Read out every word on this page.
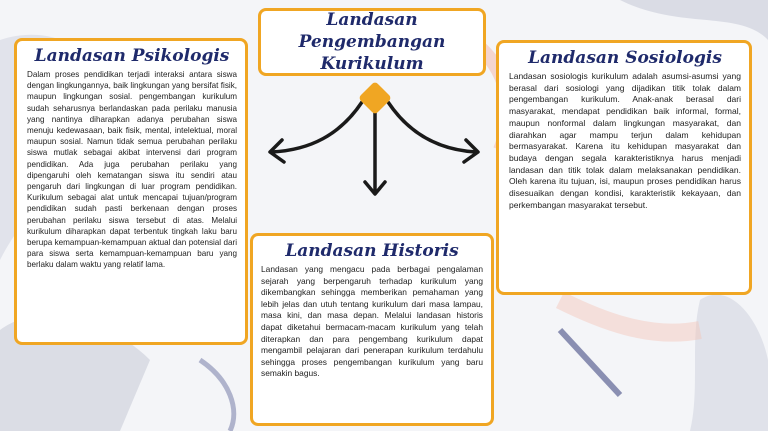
Landasan Pengembangan Kurikulum

Landasan Psikologis

Dalam proses pendidikan terjadi interaksi antara siswa dengan lingkungannya, baik lingkungan yang bersifat fisik, maupun lingkungan sosial. pengembangan kurikulum sudah seharusnya berlandaskan pada perilaku manusia yang nantinya diharapkan adanya perubahan siswa menuju kedewasaan, baik fisik, mental, intelektual, moral maupun sosial. Namun tidak semua perubahan perilaku siswa mutlak sebagai akibat intervensi dari program pendidikan. Ada juga perubahan perilaku yang dipengaruhi oleh kematangan siswa itu sendiri atau pengaruh dari lingkungan di luar program pendidikan. Kurikulum sebagai alat untuk mencapai tujuan/program pendidikan sudah pasti berkenaan dengan proses perubahan perilaku siswa tersebut di atas. Melalui kurikulum diharapkan dapat terbentuk tingkah laku baru berupa kemampuan-kemampuan aktual dan potensial dari para siswa serta kemampuan-kemampuan baru yang berlaku dalam waktu yang relatif lama.

Landasan Sosiologis

Landasan sosiologis kurikulum adalah asumsi-asumsi yang berasal dari sosiologi yang dijadikan titik tolak dalam pengembangan kurikulum. Anak-anak berasal dari masyarakat, mendapat pendidikan baik informal, formal, maupun nonformal dalam lingkungan masyarakat, dan diarahkan agar mampu terjun dalam kehidupan bermasyarakat. Karena itu kehidupan masyarakat dan budaya dengan segala karakteristiknya harus menjadi landasan dan titik tolak dalam melaksanakan pendidikan. Oleh karena itu tujuan, isi, maupun proses pendidikan harus disesuaikan dengan kondisi, karakteristik kekayaan, dan perkembangan masyarakat tersebut.

Landasan Historis

Landasan yang mengacu pada berbagai pengalaman sejarah yang berpengaruh terhadap kurikulum yang dikembangkan sehingga memberikan pemahaman yang lebih jelas dan utuh tentang kurikulum dari masa lampau, masa kini, dan masa depan. Melalui landasan historis dapat diketahui bermacam-macam kurikulum yang telah diterapkan dan para pengembang kurikulum dapat mengambil pelajaran dari penerapan kurikulum terdahulu sehingga proses pengembangan kurikulum yang baru semakin bagus.
